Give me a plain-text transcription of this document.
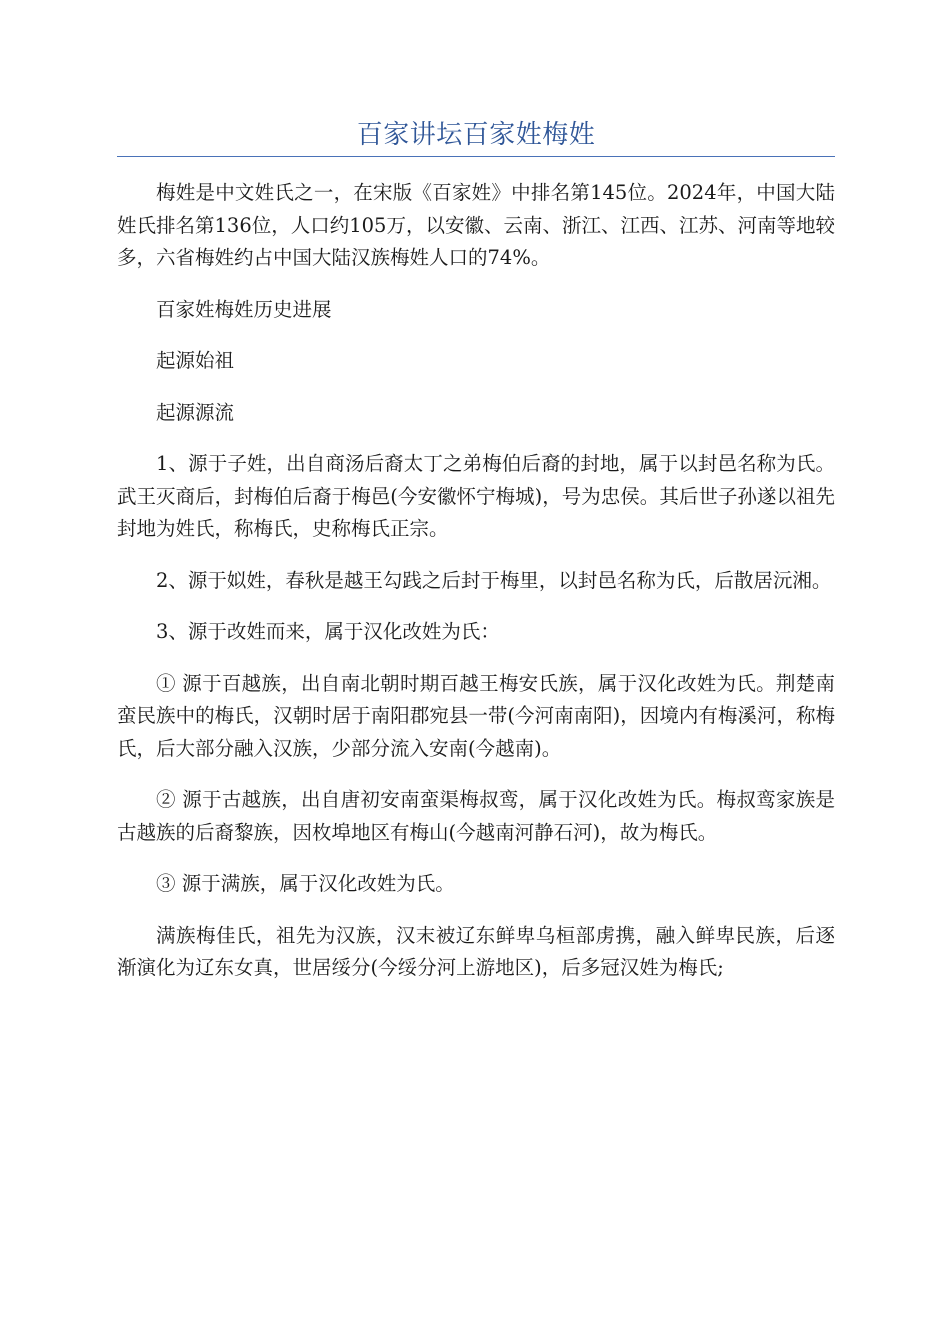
百家讲坛百家姓梅姓

梅姓是中文姓氏之一，在宋版《百家姓》中排名第145位。2024年，中国大陆姓氏排名第136位，人口约105万，以安徽、云南、浙江、江西、江苏、河南等地较多，六省梅姓约占中国大陆汉族梅姓人口的74%。

百家姓梅姓历史进展

起源始祖

起源源流

1、源于子姓，出自商汤后裔太丁之弟梅伯后裔的封地，属于以封邑名称为氏。武王灭商后，封梅伯后裔于梅邑(今安徽怀宁梅城)，号为忠侯。其后世子孙遂以祖先封地为姓氏，称梅氏，史称梅氏正宗。

2、源于姒姓，春秋是越王勾践之后封于梅里，以封邑名称为氏，后散居沅湘。

3、源于改姓而来，属于汉化改姓为氏：

① 源于百越族，出自南北朝时期百越王梅安氏族，属于汉化改姓为氏。荆楚南蛮民族中的梅氏，汉朝时居于南阳郡宛县一带(今河南南阳)，因境内有梅溪河，称梅氏，后大部分融入汉族，少部分流入安南(今越南)。

② 源于古越族，出自唐初安南蛮渠梅叔鸾，属于汉化改姓为氏。梅叔鸾家族是古越族的后裔黎族，因枚埠地区有梅山(今越南河静石河)，故为梅氏。

③ 源于满族，属于汉化改姓为氏。

满族梅佳氏，祖先为汉族，汉末被辽东鲜卑乌桓部虏携，融入鲜卑民族，后逐渐演化为辽东女真，世居绥分(今绥分河上游地区)，后多冠汉姓为梅氏;
